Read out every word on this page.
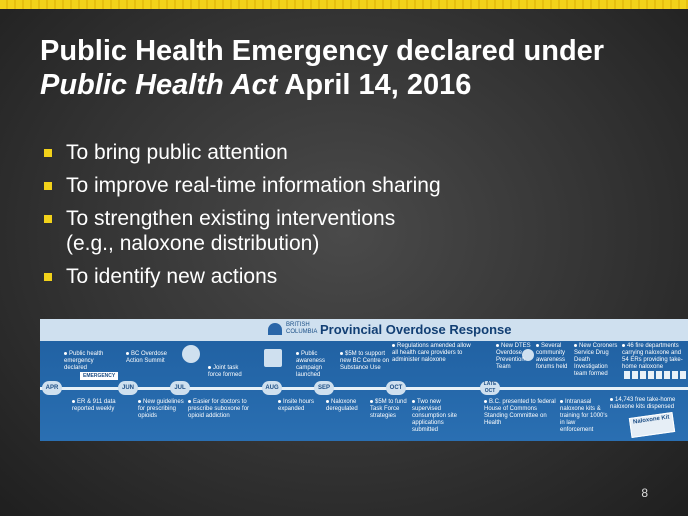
Public Health Emergency declared under
Public Health Act April 14, 2016
To bring public attention
To improve real-time information sharing
To strengthen existing interventions
(e.g., naloxone distribution)
To identify new actions
BRITISH COLUMBIA Provincial Overdose Response
APR	JUN	JUL	AUG	SEP	OCT
LATE OCT
Public health emergency declared
EMERGENCY
BC Overdose Action Summit
Joint task force formed
Public awareness campaign launched
$5M to support new BC Centre on Substance Use
Regulations amended allow all health care providers to administer naloxone
New DTES Overdose Prevention Team
Several community awareness forums held
New Coroners Service Drug Death Investigation team formed
46 fire departments carrying naloxone and 54 ERs providing take-home naloxone
ER & 911 data reported weekly
New guidelines for prescribing opioids
Easier for doctors to prescribe suboxone for opioid addiction
Insite hours expanded
Naloxone deregulated
$5M to fund Task Force strategies
Two new supervised consumption site applications submitted
B.C. presented to federal House of Commons Standing Committee on Health
Intranasal naloxone kits & training for 1000's in law enforcement
14,743 free take-home naloxone kits dispensed
Naloxone Kit
8
